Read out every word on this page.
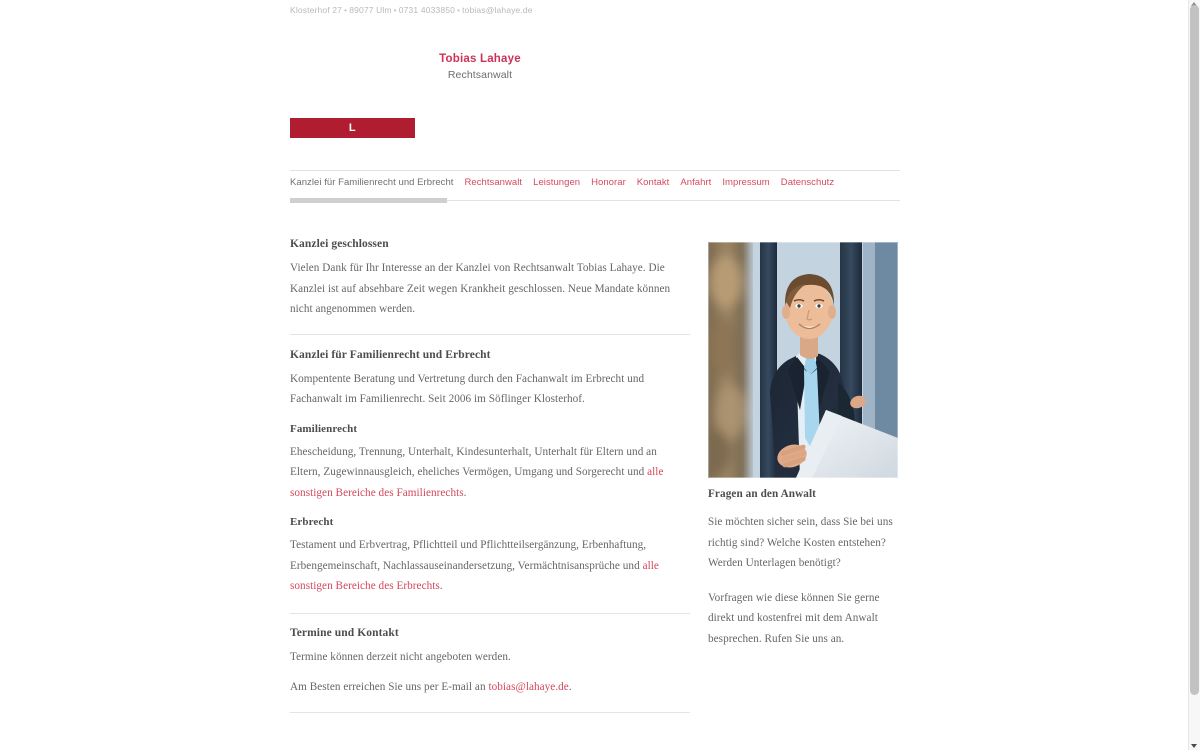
Klosterhof 27 • 89077 Ulm • 0731 4033850 • tobias@lahaye.de
Tobias Lahaye
Rechtsanwalt
L
Kanzlei für Familienrecht und Erbrecht Rechtsanwalt Leistungen Honorar Kontakt Anfahrt Impressum Datenschutz
Kanzlei geschlossen

Vielen Dank für Ihr Interesse an der Kanzlei von Rechtsanwalt Tobias Lahaye. Die Kanzlei ist auf absehbare Zeit wegen Krankheit geschlossen. Neue Mandate können nicht angenommen werden.

Kanzlei für Familienrecht und Erbrecht

Kompentente Beratung und Vertretung durch den Fachanwalt im Erbrecht und Fachanwalt im Familienrecht. Seit 2006 im Söflinger Klosterhof.

Familienrecht

Ehescheidung, Trennung, Unterhalt, Kindesunterhalt, Unterhalt für Eltern und an Eltern, Zugewinnausgleich, eheliches Vermögen, Umgang und Sorgerecht und alle sonstigen Bereiche des Familienrechts.

Erbrecht

Testament und Erbvertrag, Pflichtteil und Pflichtteilsergänzung, Erbenhaftung, Erbengemeinschaft, Nachlassauseinandersetzung, Vermächtnisansprüche und alle sonstigen Bereiche des Erbrechts.

Termine und Kontakt

Termine können derzeit nicht angeboten werden.

Am Besten erreichen Sie uns per E-mail an tobias@lahaye.de.

Fragen an den Anwalt

Sie möchten sicher sein, dass Sie bei uns richtig sind? Welche Kosten entstehen? Werden Unterlagen benötigt?

Vorfragen wie diese können Sie gerne direkt und kostenfrei mit dem Anwalt besprechen. Rufen Sie uns an.
